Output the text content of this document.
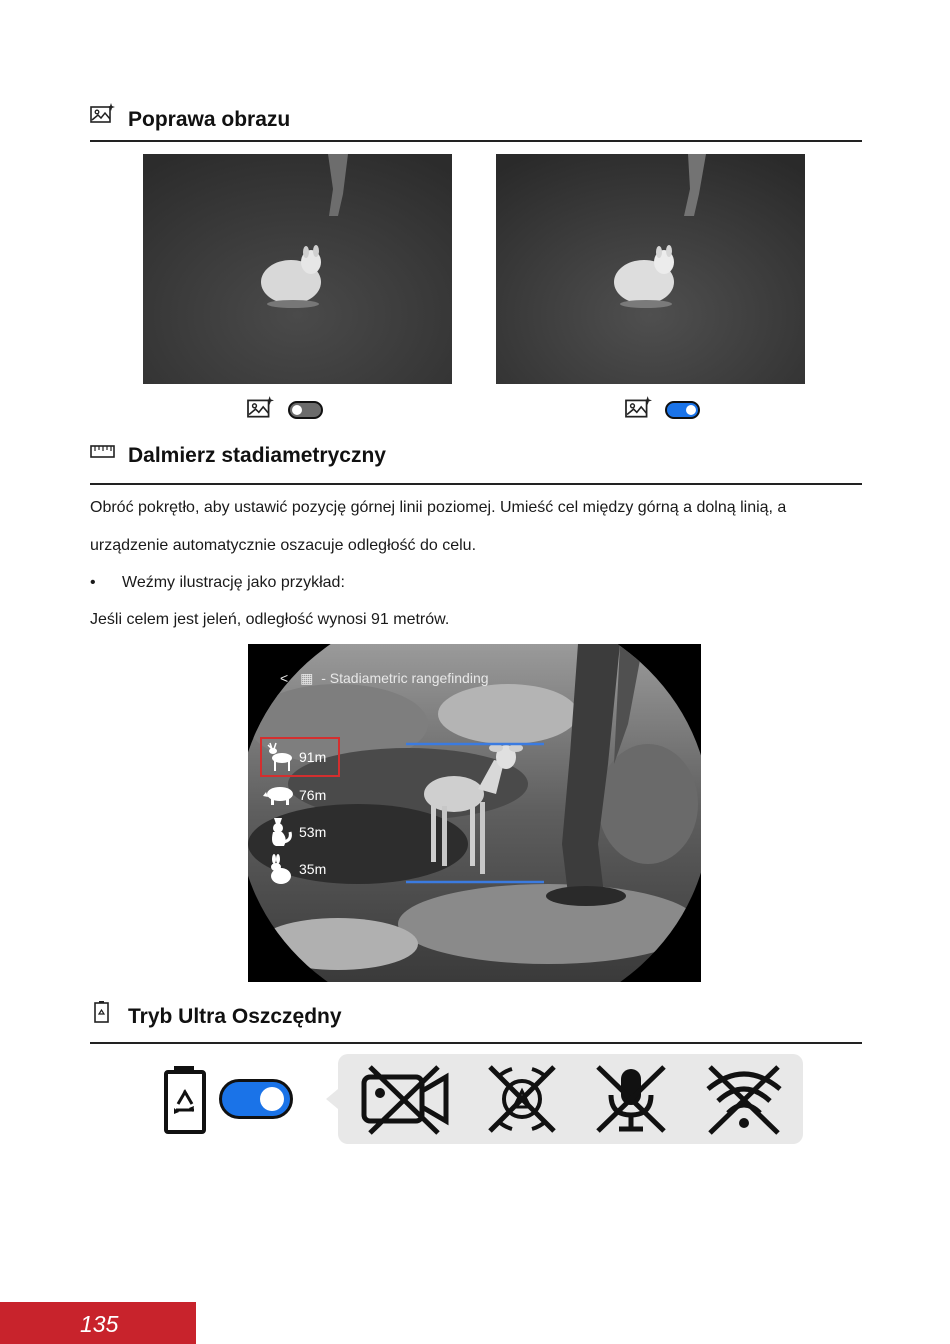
Poprawa obrazu
Dalmierz stadiametryczny
Obróć pokrętło, aby ustawić pozycję górnej linii poziomej. Umieść cel między górną a dolną linią, a
urządzenie automatycznie oszacuje odległość do celu.
• Weźmy ilustrację jako przykład:
Jeśli celem jest jeleń, odległość wynosi 91 metrów.
< ▦ - Stadiametric rangefinding
91m
76m
53m
35m
Tryb Ultra Oszczędny
135
